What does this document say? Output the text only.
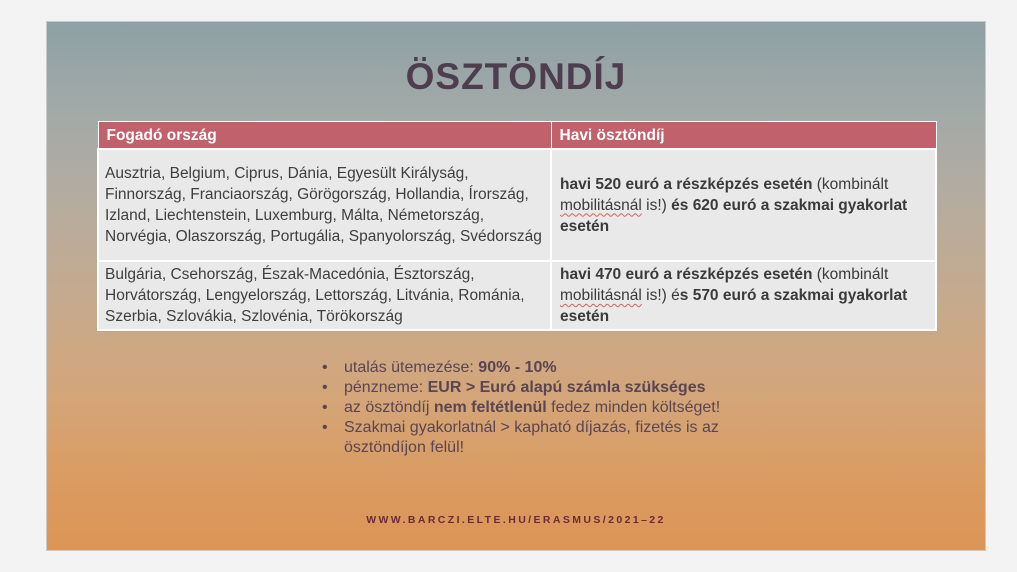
ÖSZTÖNDÍJ
Fogadó ország	Havi ösztöndíj
Ausztria, Belgium, Ciprus, Dánia, Egyesült Királyság, Finnország, Franciaország, Görögország, Hollandia, Írország, Izland, Liechtenstein, Luxemburg, Málta, Németország, Norvégia, Olaszország, Portugália, Spanyolország, Svédország	havi 520 euró a részképzés esetén (kombinált mobilitásnál is!) és 620 euró a szakmai gyakorlat esetén
Bulgária, Csehország, Észak-Macedónia, Észtország, Horvátország, Lengyelország, Lettország, Litvánia, Románia, Szerbia, Szlovákia, Szlovénia, Törökország	havi 470 euró a részképzés esetén (kombinált mobilitásnál is!) és 570 euró a szakmai gyakorlat esetén
• utalás ütemezése: 90% - 10%
• pénzneme: EUR > Euró alapú számla szükséges
• az ösztöndíj nem feltétlenül fedez minden költséget!
• Szakmai gyakorlatnál > kapható díjazás, fizetés is az ösztöndíjon felül!
WWW.BARCZI.ELTE.HU/ERASMUS/2021–22
